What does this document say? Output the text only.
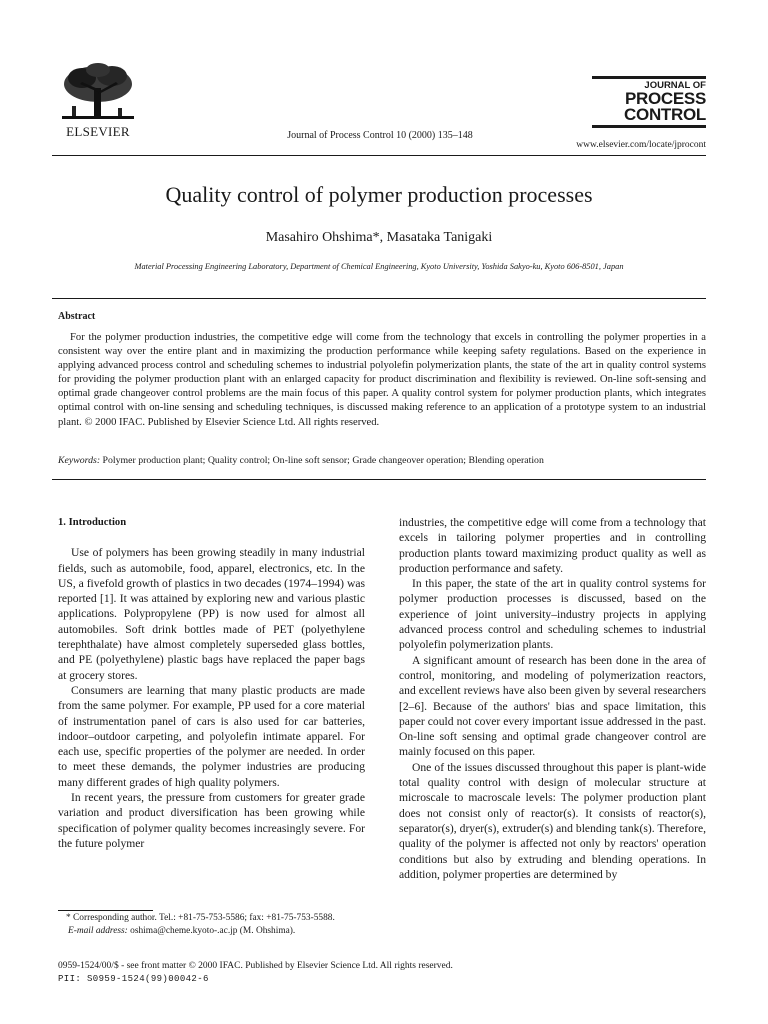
ELSEVIER	Journal of Process Control 10 (2000) 135–148
JOURNAL OF
PROCESS
CONTROL
www.elsevier.com/locate/jprocont
Quality control of polymer production processes
Masahiro Ohshima*, Masataka Tanigaki
Material Processing Engineering Laboratory, Department of Chemical Engineering, Kyoto University, Yoshida Sakyo-ku, Kyoto 606-8501, Japan
Abstract
For the polymer production industries, the competitive edge will come from the technology that excels in controlling the polymer properties in a consistent way over the entire plant and in maximizing the production performance while keeping safety regulations. Based on the experience in applying advanced process control and scheduling schemes to industrial polyolefin polymerization plants, the state of the art in quality control systems for providing the polymer production plant with an enlarged capacity for product discrimination and flexibility is reviewed. On-line soft-sensing and optimal grade changeover control problems are the main focus of this paper. A quality control system for polymer production plants, which integrates optimal control with on-line sensing and scheduling techniques, is discussed making reference to an application of a prototype system to an industrial plant. © 2000 IFAC. Published by Elsevier Science Ltd. All rights reserved.
Keywords: Polymer production plant; Quality control; On-line soft sensor; Grade changeover operation; Blending operation
1. Introduction

Use of polymers has been growing steadily in many industrial fields, such as automobile, food, apparel, electronics, etc. In the US, a fivefold growth of plastics in two decades (1974–1994) was reported [1]. It was attained by exploring new and various plastic applications. Polypropylene (PP) is now used for almost all automobiles. Soft drink bottles made of PET (polyethylene terephthalate) have almost completely superseded glass bottles, and PE (polyethylene) plastic bags have replaced the paper bags at grocery stores.

Consumers are learning that many plastic products are made from the same polymer. For example, PP used for a core material of instrumentation panel of cars is also used for car batteries, indoor–outdoor carpeting, and polyolefin intimate apparel. For each use, specific properties of the polymer are needed. In order to meet these demands, the polymer industries are producing many different grades of high quality polymers.

In recent years, the pressure from customers for greater grade variation and product diversification has been growing while specification of polymer quality becomes increasingly severe. For the future polymer

industries, the competitive edge will come from a technology that excels in tailoring polymer properties and in controlling production plants toward maximizing product quality as well as production performance and safety.

In this paper, the state of the art in quality control systems for polymer production processes is discussed, based on the experience of joint university–industry projects in applying advanced process control and scheduling schemes to industrial polyolefin polymerization plants.

A significant amount of research has been done in the area of control, monitoring, and modeling of polymerization reactors, and excellent reviews have also been given by several researchers [2–6]. Because of the authors' bias and space limitation, this paper could not cover every important issue addressed in the past. On-line soft sensing and optimal grade changeover control are mainly focused on this paper.

One of the issues discussed throughout this paper is plant-wide total quality control with design of molecular structure at microscale to macroscale levels: The polymer production plant does not consist only of reactor(s). It consists of reactor(s), separator(s), dryer(s), extruder(s) and blending tank(s). Therefore, quality of the polymer is affected not only by reactors' operation conditions but also by extruding and blending operations. In addition, polymer properties are determined by

* Corresponding author. Tel.: +81-75-753-5586; fax: +81-75-753-5588.

E-mail address: oshima@cheme.kyoto-.ac.jp (M. Ohshima).

0959-1524/00/$ - see front matter © 2000 IFAC. Published by Elsevier Science Ltd. All rights reserved.

PII: S0959-1524(99)00042-6
